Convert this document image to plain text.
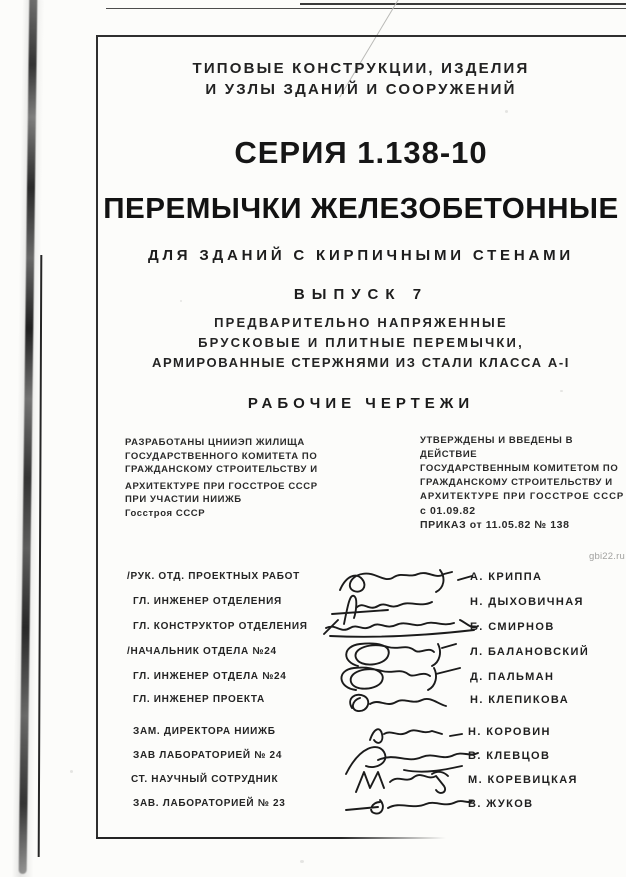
ТИПОВЫЕ КОНСТРУКЦИИ, ИЗДЕЛИЯ
И УЗЛЫ ЗДАНИЙ И СООРУЖЕНИЙ
СЕРИЯ 1.138-10
ПЕРЕМЫЧКИ ЖЕЛЕЗОБЕТОННЫЕ
ДЛЯ ЗДАНИЙ С КИРПИЧНЫМИ СТЕНАМИ
ВЫПУСК 7
ПРЕДВАРИТЕЛЬНО НАПРЯЖЕННЫЕ
БРУСКОВЫЕ И ПЛИТНЫЕ ПЕРЕМЫЧКИ,
АРМИРОВАННЫЕ СТЕРЖНЯМИ ИЗ СТАЛИ КЛАССА А-I
РАБОЧИЕ ЧЕРТЕЖИ
РАЗРАБОТАНЫ ЦНИИЭП ЖИЛИЩА
ГОСУДАРСТВЕННОГО КОМИТЕТА ПО
ГРАЖДАНСКОМУ СТРОИТЕЛЬСТВУ И
АРХИТЕКТУРЕ ПРИ ГОССТРОЕ СССР
ПРИ УЧАСТИИ НИИЖБ
Госстроя СССР
УТВЕРЖДЕНЫ И ВВЕДЕНЫ В ДЕЙСТВИЕ
ГОСУДАРСТВЕННЫМ КОМИТЕТОМ ПО
ГРАЖДАНСКОМУ СТРОИТЕЛЬСТВУ И
АРХИТЕКТУРЕ ПРИ ГОССТРОЕ СССР
с 01.09.82
ПРИКАЗ от 11.05.82 № 138
gbi22.ru
/РУК. ОТД. ПРОЕКТНЫХ РАБОТ
ГЛ. ИНЖЕНЕР ОТДЕЛЕНИЯ
ГЛ. КОНСТРУКТОР ОТДЕЛЕНИЯ
/НАЧАЛЬНИК ОТДЕЛА №24
ГЛ. ИНЖЕНЕР ОТДЕЛА №24
ГЛ. ИНЖЕНЕР ПРОЕКТА
ЗАМ. ДИРЕКТОРА НИИЖБ
ЗАВ ЛАБОРАТОРИЕЙ № 24
СТ. НАУЧНЫЙ СОТРУДНИК
ЗАВ. ЛАБОРАТОРИЕЙ № 23
А. КРИППА
Н. ДЫХОВИЧНАЯ
Б. СМИРНОВ
Л. БАЛАНОВСКИЙ
Д. ПАЛЬМАН
Н. КЛЕПИКОВА
Н. КОРОВИН
В. КЛЕВЦОВ
М. КОРЕВИЦКАЯ
В. ЖУКОВ
